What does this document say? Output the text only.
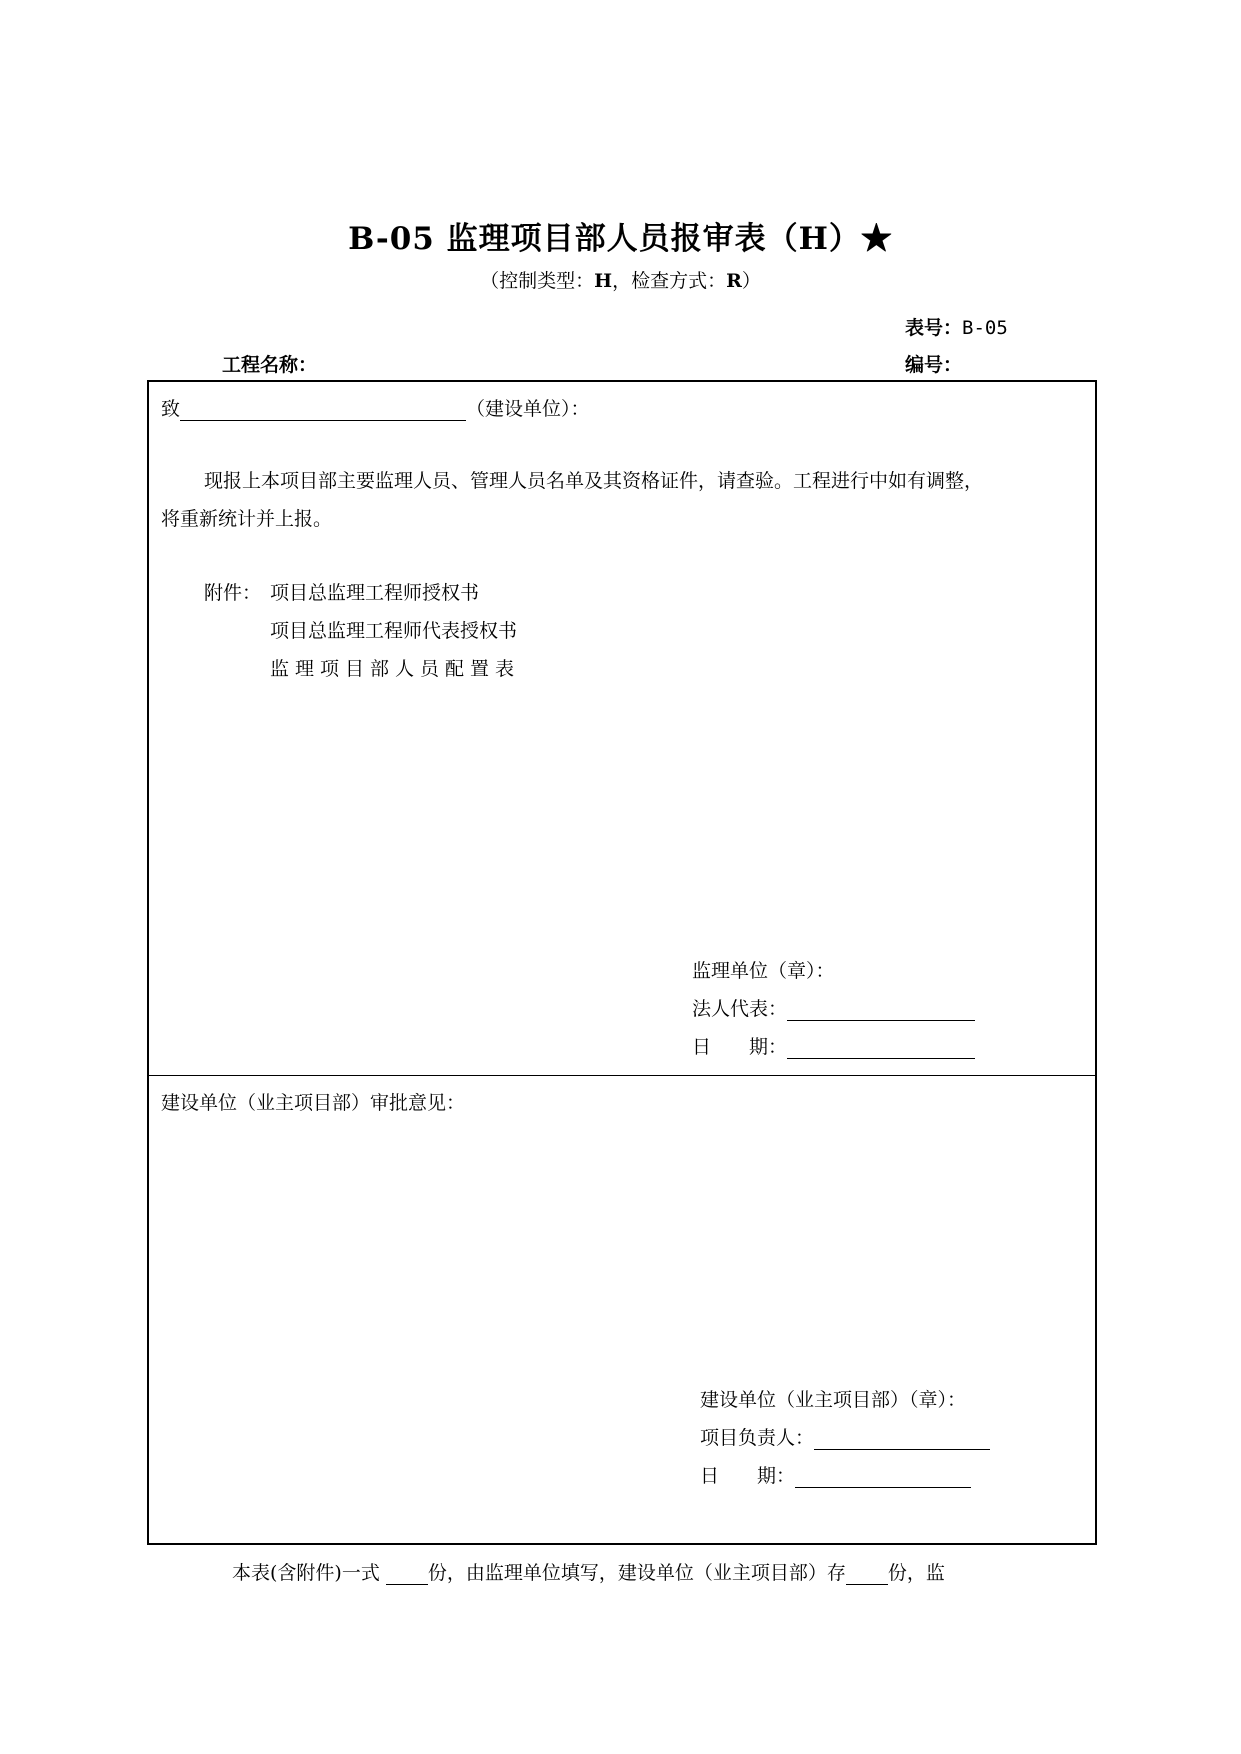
B-05 监理项目部人员报审表（H）★
（控制类型：H，检查方式：R）
表号：B-05
工程名称：	编号：
致	（建设单位）：
现报上本项目部主要监理人员、管理人员名单及其资格证件，请查验。工程进行中如有调整，
将重新统计并上报。
附件： 项目总监理工程师授权书
项目总监理工程师代表授权书
监理项目部人员配置表
监理单位（章）：
法人代表：
日　　期：
建设单位（业主项目部）审批意见：
建设单位（业主项目部）（章）：
项目负责人：
日　　期：
本表(含附件)一式	份，由监理单位填写，建设单位（业主项目部）存 份，监
